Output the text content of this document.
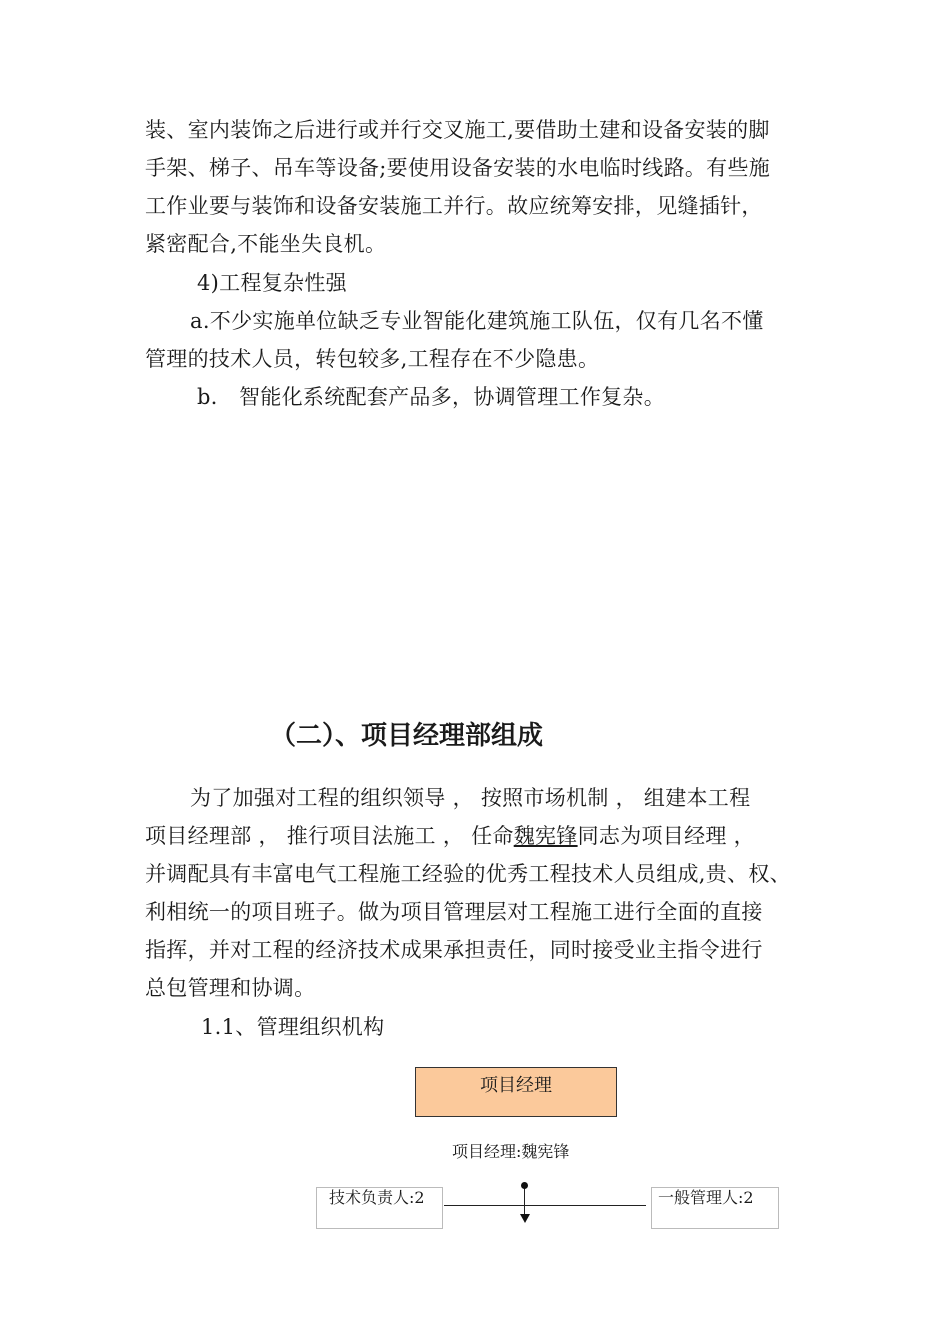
装、室内装饰之后进行或并行交叉施工,要借助土建和设备安装的脚
手架、梯子、吊车等设备;要使用设备安装的水电临时线路。有些施
工作业要与装饰和设备安装施工并行。故应统筹安排，见缝插针，
紧密配合,不能坐失良机。
4)工程复杂性强
a.不少实施单位缺乏专业智能化建筑施工队伍，仅有几名不懂
管理的技术人员，转包较多,工程存在不少隐患。
b． 智能化系统配套产品多，协调管理工作复杂。
（二）、项目经理部组成
为了加强对工程的组织领导 ， 按照市场机制 ， 组建本工程
项目经理部 ， 推行项目法施工 ， 任命魏宪锋同志为项目经理 ，
并调配具有丰富电气工程施工经验的优秀工程技术人员组成,贵、权、
利相统一的项目班子。做为项目管理层对工程施工进行全面的直接
指挥，并对工程的经济技术成果承担责任，同时接受业主指令进行
总包管理和协调。
1.1、管理组织机构
项目经理
项目经理:魏宪锋
技术负责人:2	一般管理人:2
